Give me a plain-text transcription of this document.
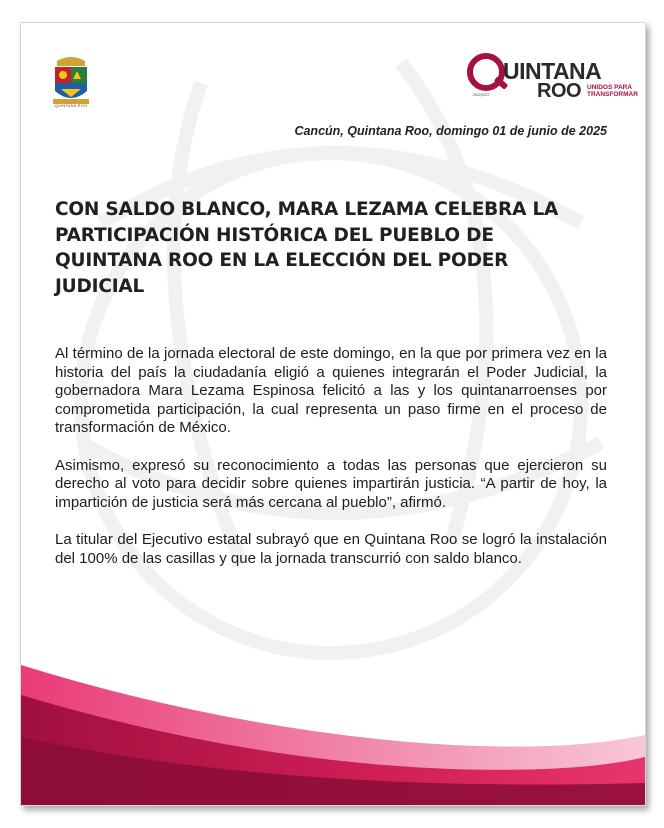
QUINTANA ROO
UINTANA
ROO UNIDOS PARA TRANSFORMAR
2022|2027
Cancún, Quintana Roo, domingo 01 de junio de 2025
CON SALDO BLANCO, MARA LEZAMA CELEBRA LA PARTICIPACIÓN HISTÓRICA DEL PUEBLO DE QUINTANA ROO EN LA ELECCIÓN DEL PODER JUDICIAL

Al término de la jornada electoral de este domingo, en la que por primera vez en la historia del país la ciudadanía eligió a quienes integrarán el Poder Judicial, la gobernadora Mara Lezama Espinosa felicitó a las y los quintanarroenses por comprometida participación, la cual representa un paso firme en el proceso de transformación de México.

Asimismo, expresó su reconocimiento a todas las personas que ejercieron su derecho al voto para decidir sobre quienes impartirán justicia. “A partir de hoy, la impartición de justicia será más cercana al pueblo”, afirmó.

La titular del Ejecutivo estatal subrayó que en Quintana Roo se logró la instalación del 100% de las casillas y que la jornada transcurrió con saldo blanco.
